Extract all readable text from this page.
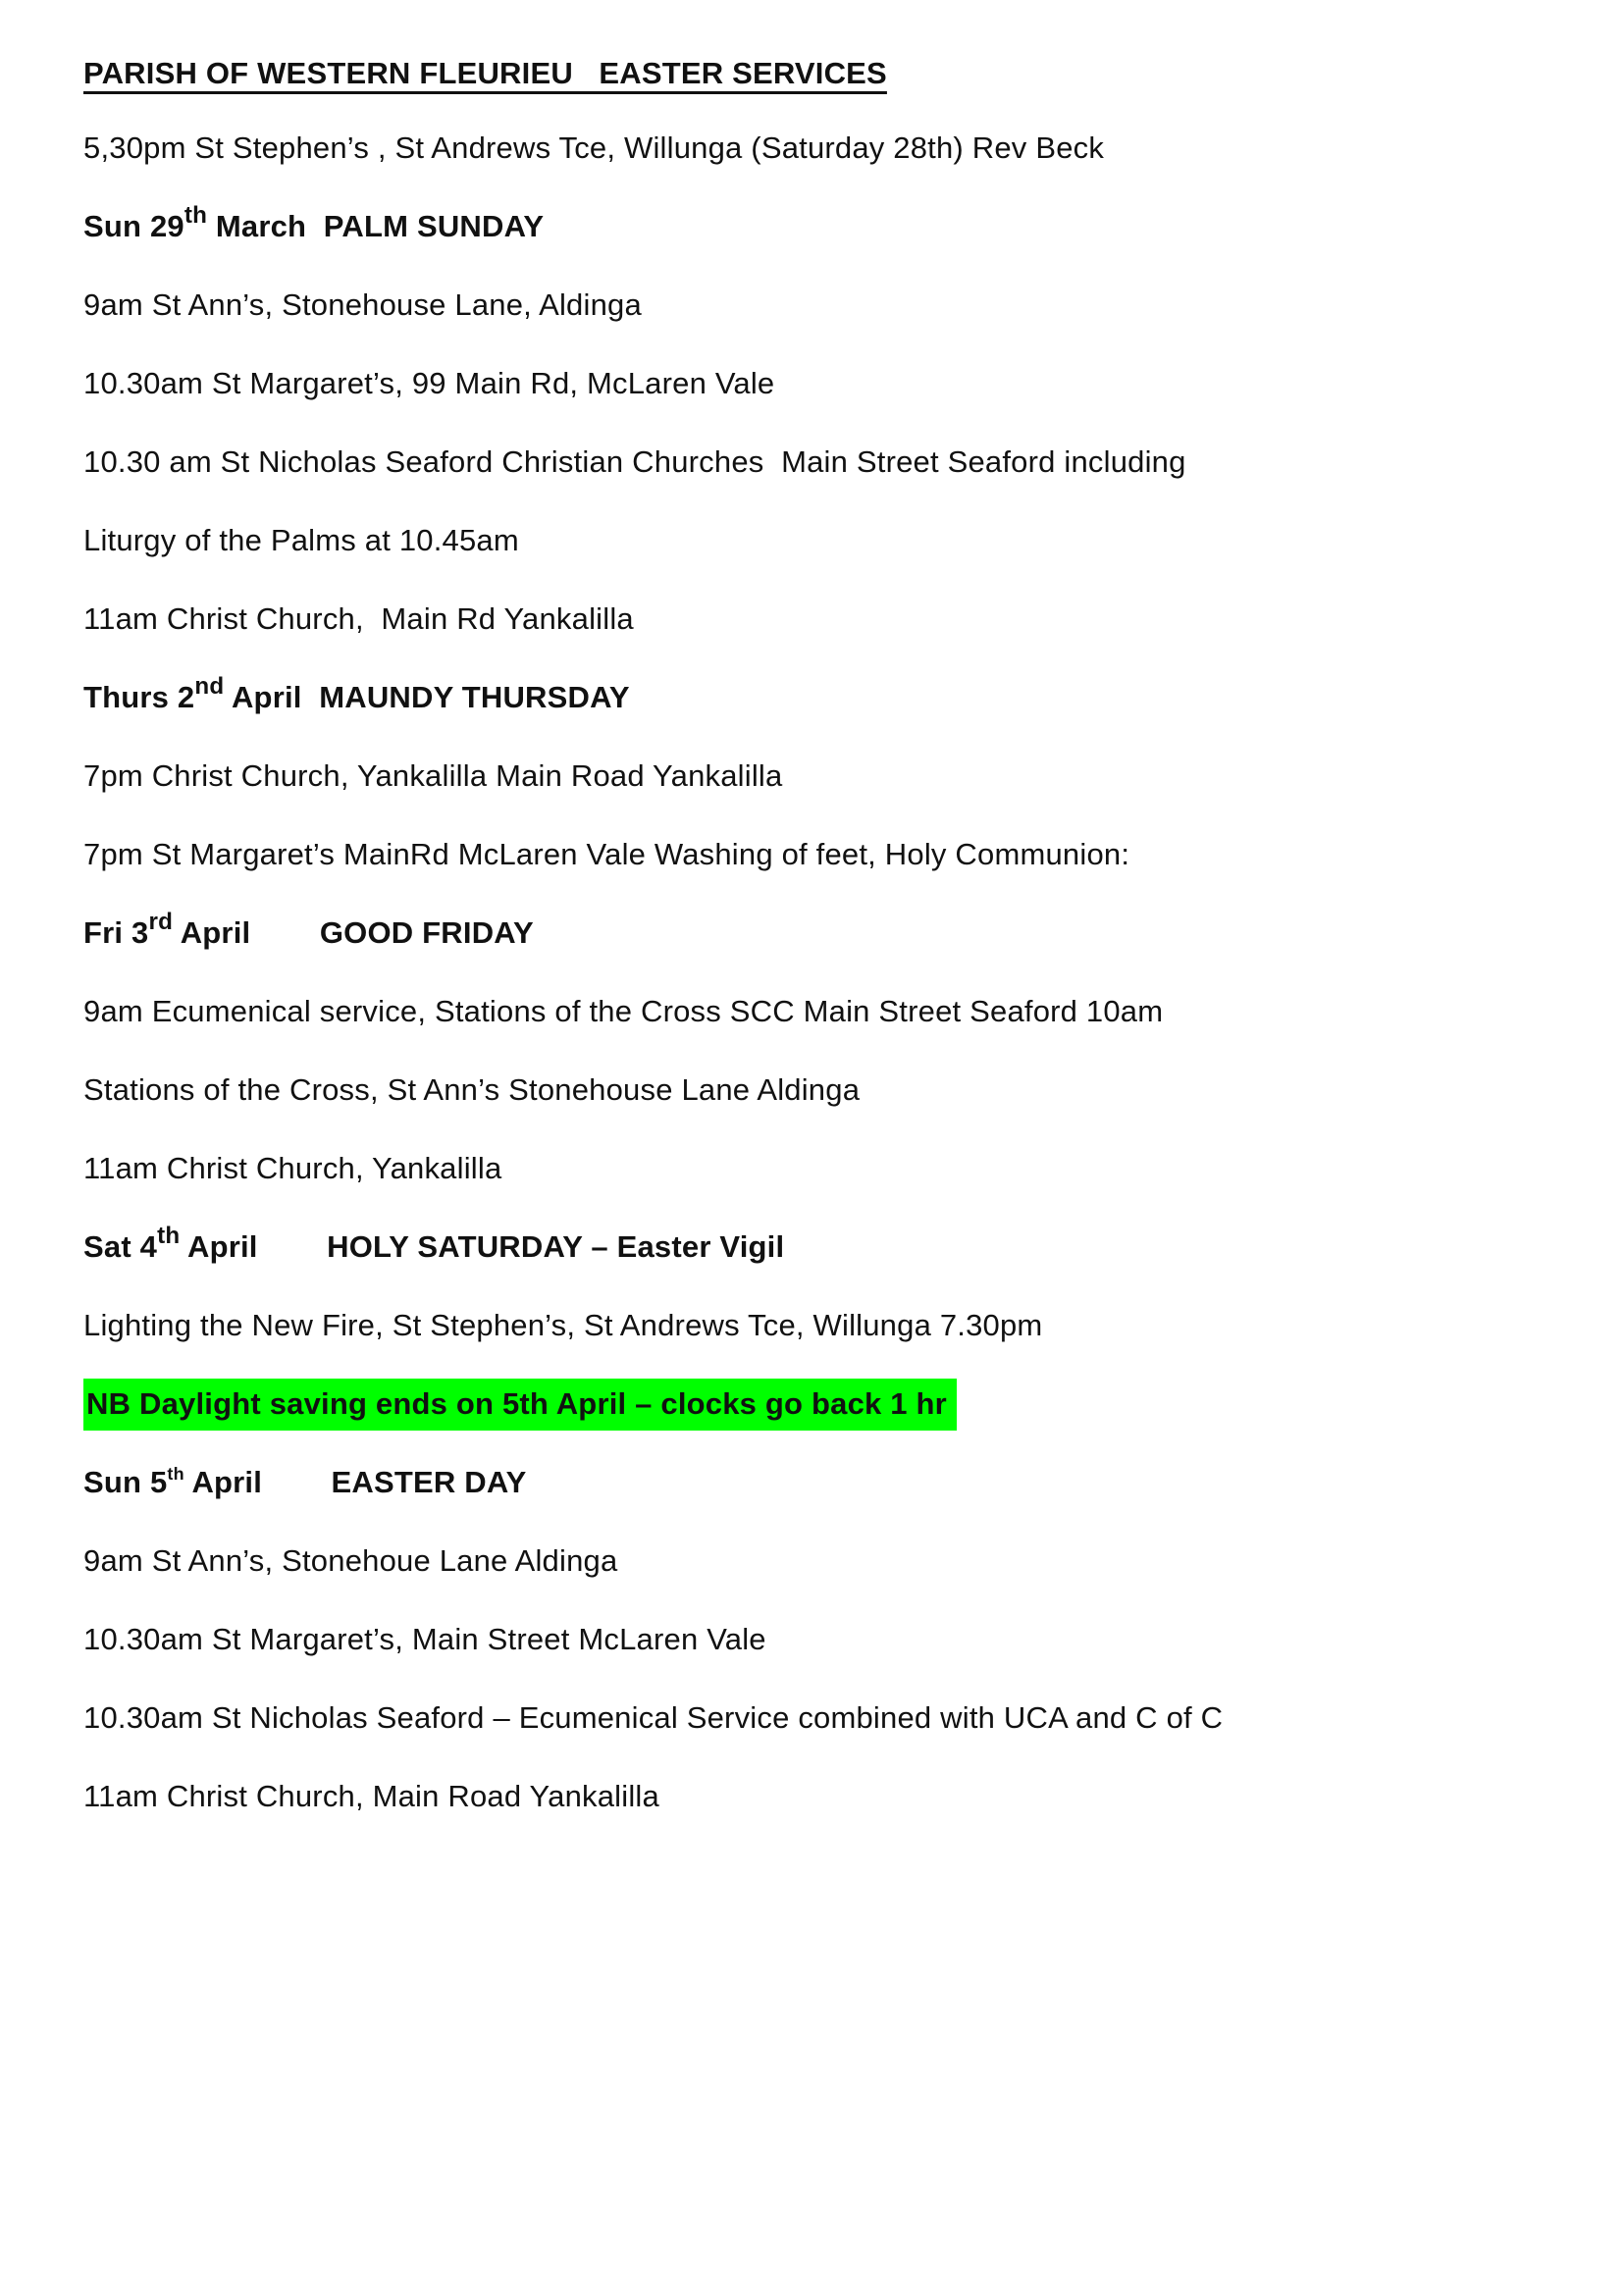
PARISH OF WESTERN FLEURIEU   EASTER SERVICES

5,30pm St Stephen’s , St Andrews Tce, Willunga (Saturday 28th) Rev Beck

Sun 29th March  PALM SUNDAY

9am St Ann’s, Stonehouse Lane, Aldinga

10.30am St Margaret’s, 99 Main Rd, McLaren Vale

10.30 am St Nicholas Seaford Christian Churches  Main Street Seaford including

Liturgy of the Palms at 10.45am

11am Christ Church,  Main Rd Yankalilla

Thurs 2nd April  MAUNDY THURSDAY

7pm Christ Church, Yankalilla Main Road Yankalilla

7pm St Margaret’s MainRd McLaren Vale Washing of feet, Holy Communion:

Fri 3rd April        GOOD FRIDAY

9am Ecumenical service, Stations of the Cross SCC Main Street Seaford 10am

Stations of the Cross, St Ann’s Stonehouse Lane Aldinga

11am Christ Church, Yankalilla

Sat 4th April        HOLY SATURDAY – Easter Vigil

Lighting the New Fire, St Stephen’s, St Andrews Tce, Willunga 7.30pm

NB Daylight saving ends on 5th April – clocks go back 1 hr

Sun 5th April        EASTER DAY

9am St Ann’s, Stonehoue Lane Aldinga

10.30am St Margaret’s, Main Street McLaren Vale

10.30am St Nicholas Seaford – Ecumenical Service combined with UCA and C of C

11am Christ Church, Main Road Yankalilla
